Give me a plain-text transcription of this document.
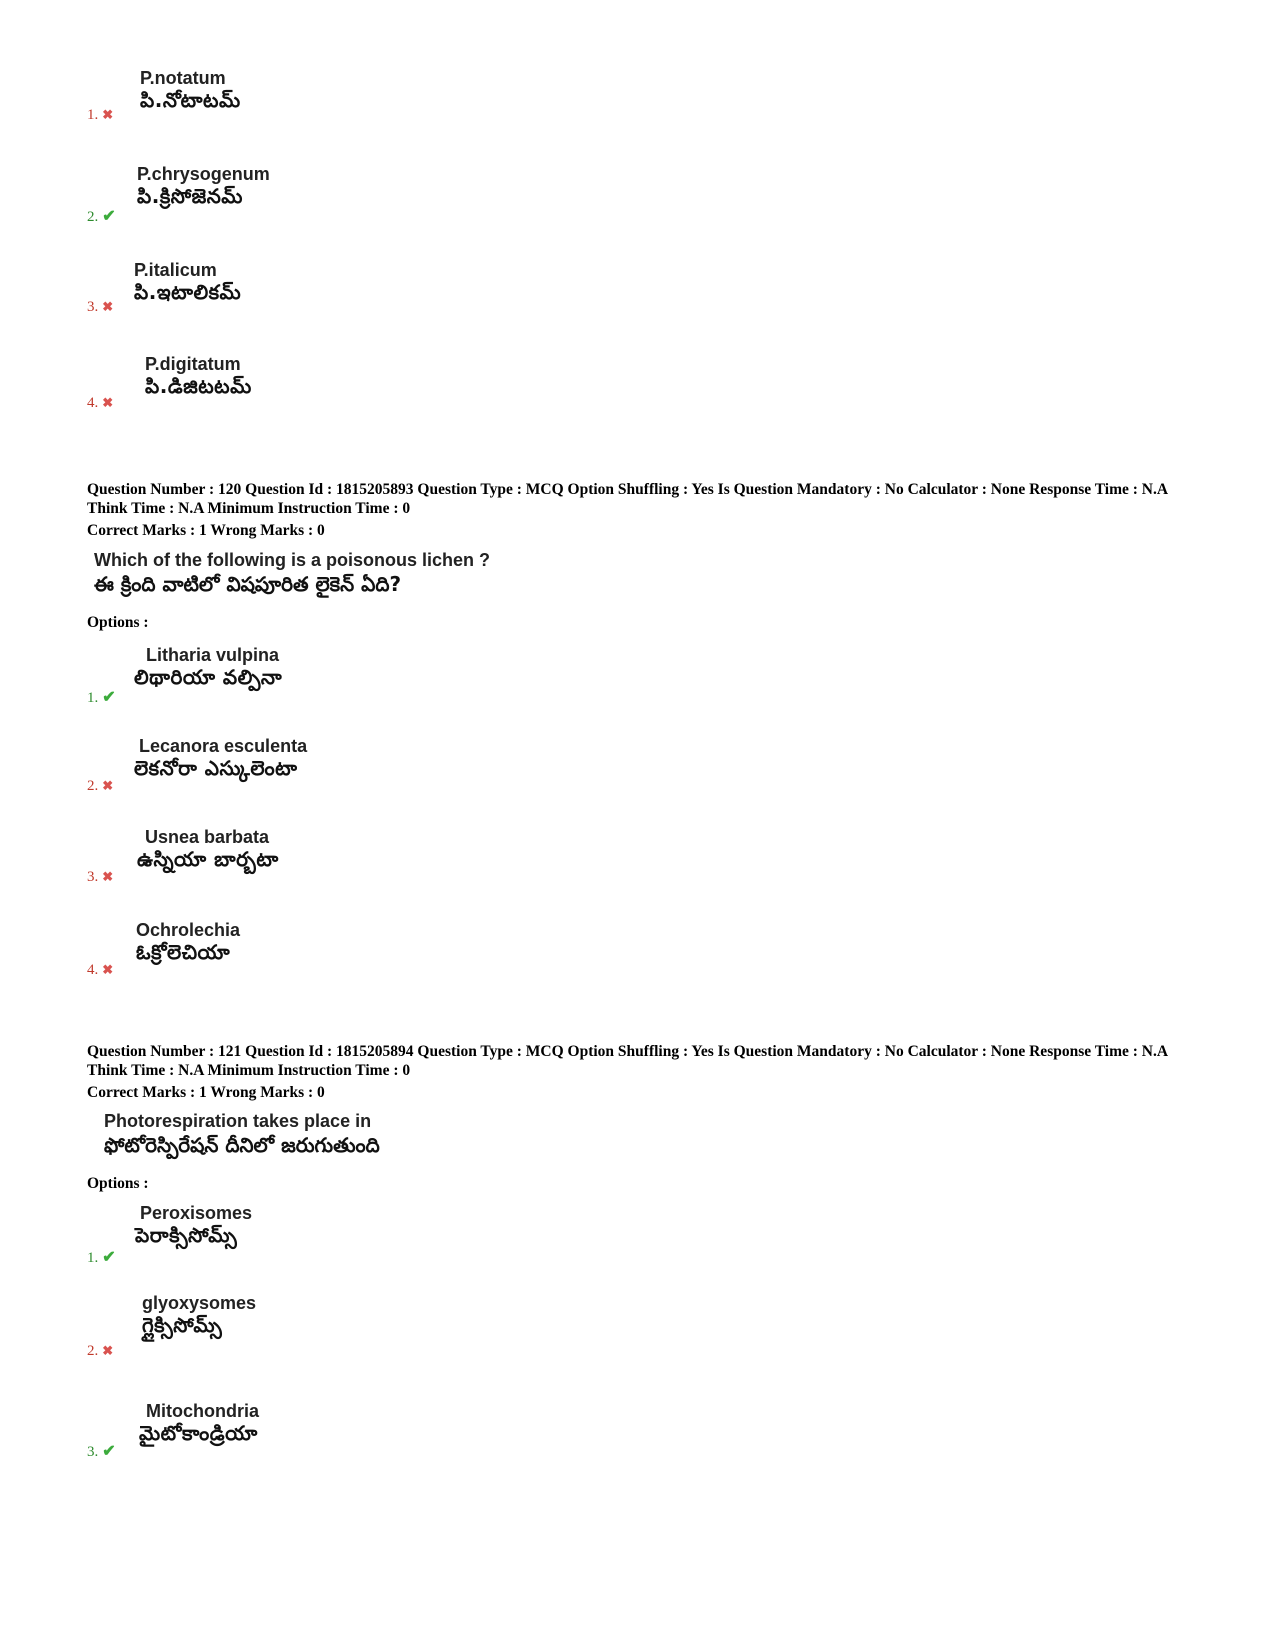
P.notatum
పి.నోటాటమ్
1. ✖
P.chrysogenum
పి.క్రిసోజెనమ్
2. ✔
P.italicum
పి.ఇటాలికమ్
3. ✖
P.digitatum
పి.డిజిటటమ్
4. ✖
Question Number : 120 Question Id : 1815205893 Question Type : MCQ Option Shuffling : Yes Is Question Mandatory : No Calculator : None Response Time : N.A Think Time : N.A Minimum Instruction Time : 0
Correct Marks : 1 Wrong Marks : 0
Which of the following is a poisonous lichen ?
ఈ క్రింది వాటిలో విషపూరిత లైకెన్ ఏది?
Options :
Litharia vulpina
లిథారియా వల్పినా
1. ✔
Lecanora esculenta
లెకనోరా ఎస్కులెంటా
2. ✖
Usnea barbata
ఉస్నియా బార్బటా
3. ✖
Ochrolechia
ఓక్రోలెచియా
4. ✖
Question Number : 121 Question Id : 1815205894 Question Type : MCQ Option Shuffling : Yes Is Question Mandatory : No Calculator : None Response Time : N.A Think Time : N.A Minimum Instruction Time : 0
Correct Marks : 1 Wrong Marks : 0
Photorespiration takes place in
ఫోటోరెస్పిరేషన్ దీనిలో జరుగుతుంది
Options :
Peroxisomes
పెరాక్సిసోమ్స్
1. ✔
glyoxysomes
గ్లైక్సిసోమ్స్
2. ✖
Mitochondria
మైటోకాండ్రియా
3. ✔
